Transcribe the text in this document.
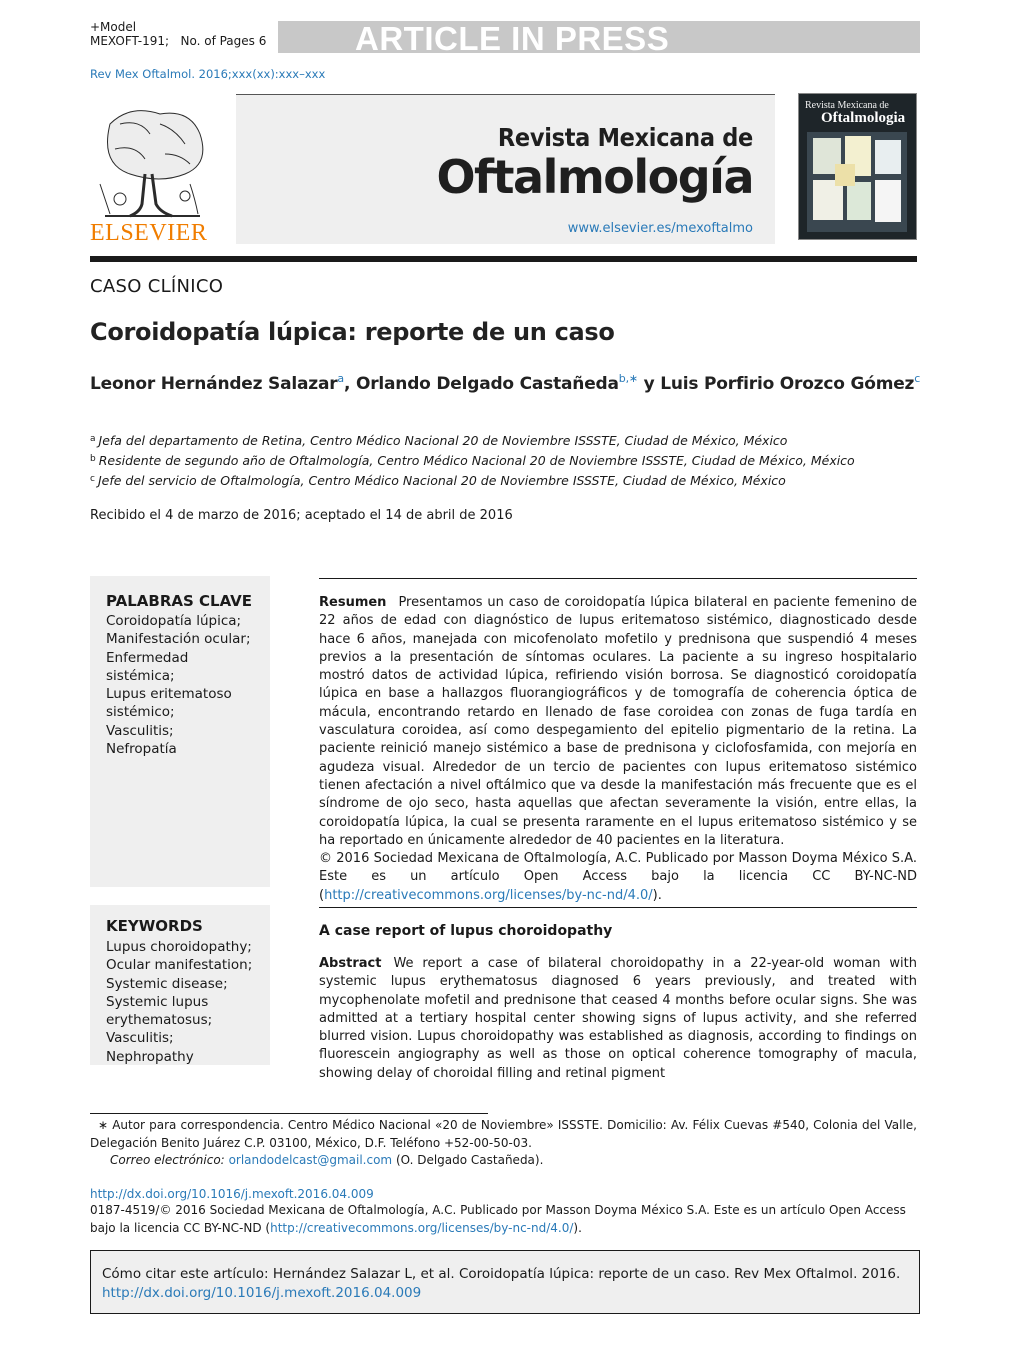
+Model
MEXOFT-191; No. of Pages 6	ARTICLE IN PRESS
Rev Mex Oftalmol. 2016;xxx(xx):xxx–xxx
ELSEVIER
Revista Mexicana de
Oftalmología
www.elsevier.es/mexoftalmo
Revista Mexicana de
Oftalmologia
CASO CLÍNICO
Coroidopatía lúpica: reporte de un caso
Leonor Hernández Salazar$^a$, Orlando Delgado Castañeda$^{b,∗}$ y Luis Porfirio Orozco Gómez$^c$
$^a$ Jefa del departamento de Retina, Centro Médico Nacional 20 de Noviembre ISSSTE, Ciudad de México, México
$^b$ Residente de segundo año de Oftalmología, Centro Médico Nacional 20 de Noviembre ISSSTE, Ciudad de México, México
$^c$ Jefe del servicio de Oftalmología, Centro Médico Nacional 20 de Noviembre ISSSTE, Ciudad de México, México
Recibido el 4 de marzo de 2016; aceptado el 14 de abril de 2016
PALABRAS CLAVE
Coroidopatía lúpica;
Manifestación ocular;
Enfermedad
sistémica;
Lupus eritematoso
sistémico;
Vasculitis;
Nefropatía
Resumen Presentamos un caso de coroidopatía lúpica bilateral en paciente femenino de 22 años de edad con diagnóstico de lupus eritematoso sistémico, diagnosticado desde hace 6 años, manejada con micofenolato mofetilo y prednisona que suspendió 4 meses previos a la presentación de síntomas oculares. La paciente a su ingreso hospitalario mostró datos de actividad lúpica, refiriendo visión borrosa. Se diagnosticó coroidopatía lúpica en base a hallazgos fluorangiográficos y de tomografía de coherencia óptica de mácula, encontrando retardo en llenado de fase coroidea con zonas de fuga tardía en vasculatura coroidea, así como despegamiento del epitelio pigmentario de la retina. La paciente reinició manejo sistémico a base de prednisona y ciclofosfamida, con mejoría en agudeza visual. Alrededor de un tercio de pacientes con lupus eritematoso sistémico tienen afectación a nivel oftálmico que va desde la manifestación más frecuente que es el síndrome de ojo seco, hasta aquellas que afectan severamente la visión, entre ellas, la coroidopatía lúpica, la cual se presenta raramente en el lupus eritematoso sistémico y se ha reportado en únicamente alrededor de 40 pacientes en la literatura.
© 2016 Sociedad Mexicana de Oftalmología, A.C. Publicado por Masson Doyma México S.A. Este es un artículo Open Access bajo la licencia CC BY-NC-ND (http://creativecommons.org/licenses/by-nc-nd/4.0/).
KEYWORDS
Lupus choroidopathy;
Ocular manifestation;
Systemic disease;
Systemic lupus
erythematosus;
Vasculitis;
Nephropathy
A case report of lupus choroidopathy
Abstract We report a case of bilateral choroidopathy in a 22-year-old woman with systemic lupus erythematosus diagnosed 6 years previously, and treated with mycophenolate mofetil and prednisone that ceased 4 months before ocular signs. She was admitted at a tertiary hospital center showing signs of lupus activity, and she referred blurred vision. Lupus choroidopathy was established as diagnosis, according to findings on fluorescein angiography as well as those on optical coherence tomography of macula, showing delay of choroidal filling and retinal pigment
∗ Autor para correspondencia. Centro Médico Nacional «20 de Noviembre» ISSSTE. Domicilio: Av. Félix Cuevas #540, Colonia del Valle, Delegación Benito Juárez C.P. 03100, México, D.F. Teléfono +52-00-50-03.
Correo electrónico: orlandodelcast@gmail.com (O. Delgado Castañeda).
http://dx.doi.org/10.1016/j.mexoft.2016.04.009
0187-4519/© 2016 Sociedad Mexicana de Oftalmología, A.C. Publicado por Masson Doyma México S.A. Este es un artículo Open Access bajo la licencia CC BY-NC-ND (http://creativecommons.org/licenses/by-nc-nd/4.0/).
Cómo citar este artículo: Hernández Salazar L, et al. Coroidopatía lúpica: reporte de un caso. Rev Mex Oftalmol. 2016.
http://dx.doi.org/10.1016/j.mexoft.2016.04.009
